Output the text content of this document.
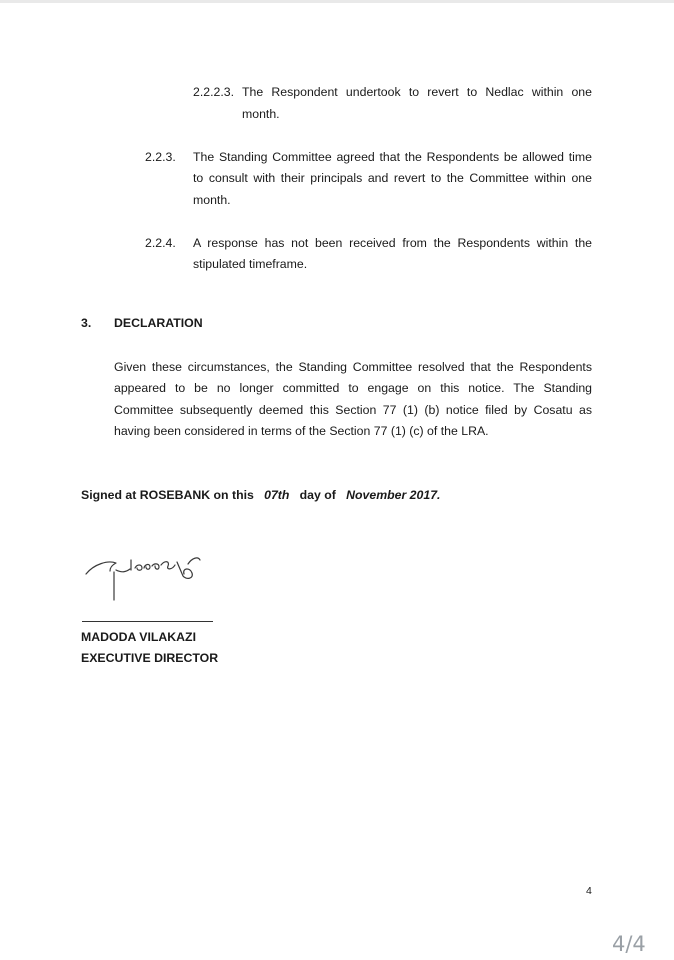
2.2.2.3. The Respondent undertook to revert to Nedlac within one
month.
2.2.3. The Standing Committee agreed that the Respondents be allowed time
to consult with their principals and revert to the Committee within one
month.
2.2.4. A response has not been received from the Respondents within the
stipulated timeframe.
3. DECLARATION
Given these circumstances, the Standing Committee resolved that the Respondents
appeared to be no longer committed to engage on this notice. The Standing
Committee subsequently deemed this Section 77 (1) (b) notice filed by Cosatu as
having been considered in terms of the Section 77 (1) (c) of the LRA.
Signed at ROSEBANK on this 07th day of November 2017.
MADODA VILAKAZI
EXECUTIVE DIRECTOR
4
4/4
